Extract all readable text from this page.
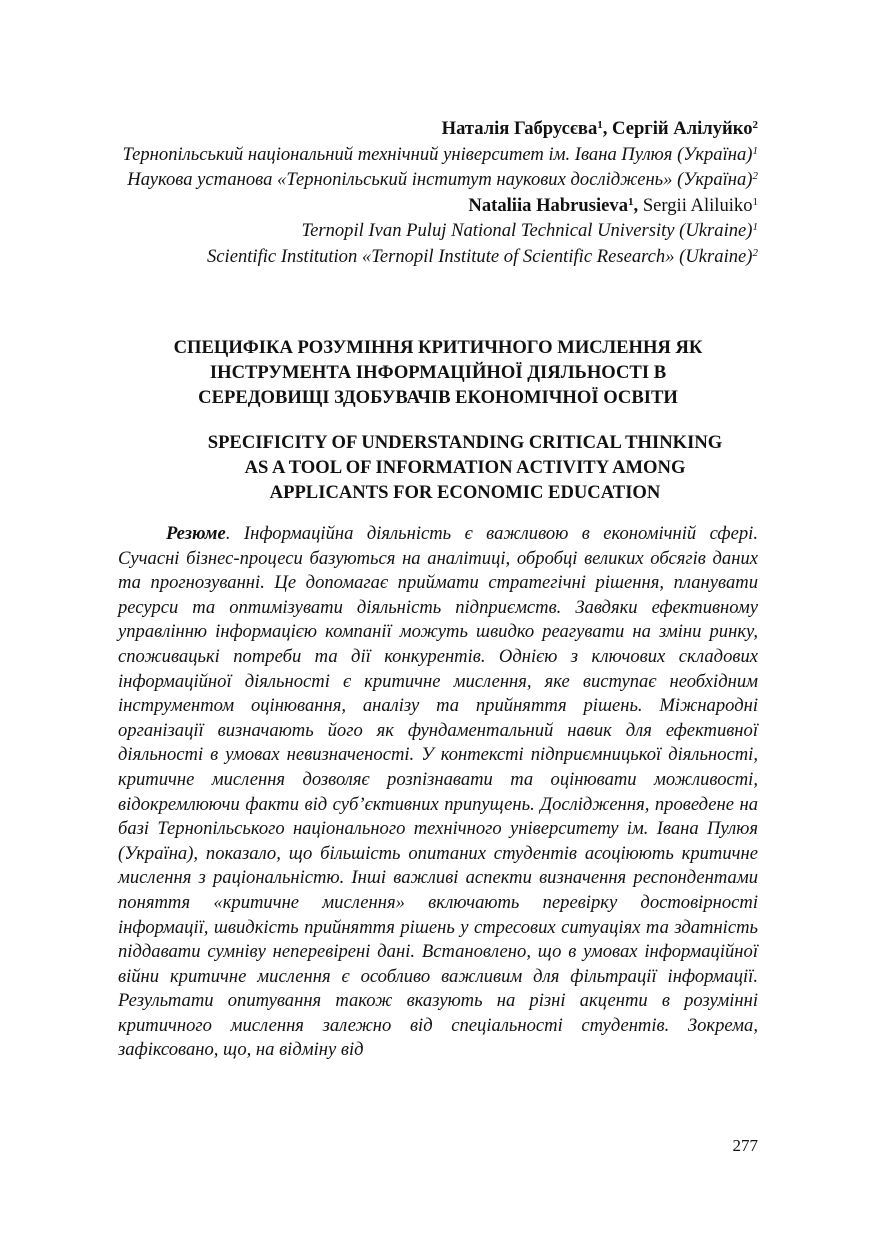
Наталія Габрусєва$^1$, Сергій Алілуйко$^2$
Тернопільський національний технічний університет ім. Івана Пулюя (Україна)$^1$
Наукова установа «Тернопільський інститут наукових досліджень» (Україна)$^2$
Nataliia Habrusieva$^1$, Sergii Aliluiko$^1$
Ternopil Ivan Puluj National Technical University (Ukraine)$^1$
Scientific Institution «Ternopil Institute of Scientific Research» (Ukraine)$^2$
СПЕЦИФІКА РОЗУМІННЯ КРИТИЧНОГО МИСЛЕННЯ ЯК
ІНСТРУМЕНТА ІНФОРМАЦІЙНОЇ ДІЯЛЬНОСТІ В
СЕРЕДОВИЩІ ЗДОБУВАЧІВ ЕКОНОМІЧНОЇ ОСВІТИ
SPECIFICITY OF UNDERSTANDING CRITICAL THINKING
AS A TOOL OF INFORMATION ACTIVITY AMONG
APPLICANTS FOR ECONOMIC EDUCATION
Резюме. Інформаційна діяльність є важливою в економічній сфері. Сучасні бізнес-процеси базуються на аналітиці, обробці великих обсягів даних та прогнозуванні. Це допомагає приймати стратегічні рішення, планувати ресурси та оптимізувати діяльність підприємств. Завдяки ефективному управлінню інформацією компанії можуть швидко реагувати на зміни ринку, споживацькі потреби та дії конкурентів. Однією з ключових складових інформаційної діяльності є критичне мислення, яке виступає необхідним інструментом оцінювання, аналізу та прийняття рішень. Міжнародні організації визначають його як фундаментальний навик для ефективної діяльності в умовах невизначеності. У контексті підприємницької діяльності, критичне мислення дозволяє розпізнавати та оцінювати можливості, відокремлюючи факти від суб’єктивних припущень. Дослідження, проведене на базі Тернопільського національного технічного університету ім. Івана Пулюя (Україна), показало, що більшість опитаних студентів асоціюють критичне мислення з раціональністю. Інші важливі аспекти визначення респондентами поняття «критичне мислення» включають перевірку достовірності інформації, швидкість прийняття рішень у стресових ситуаціях та здатність піддавати сумніву неперевірені дані. Встановлено, що в умовах інформаційної війни критичне мислення є особливо важливим для фільтрації інформації. Результати опитування також вказують на різні акценти в розумінні критичного мислення залежно від спеціальності студентів. Зокрема, зафіксовано, що, на відміну від
277
